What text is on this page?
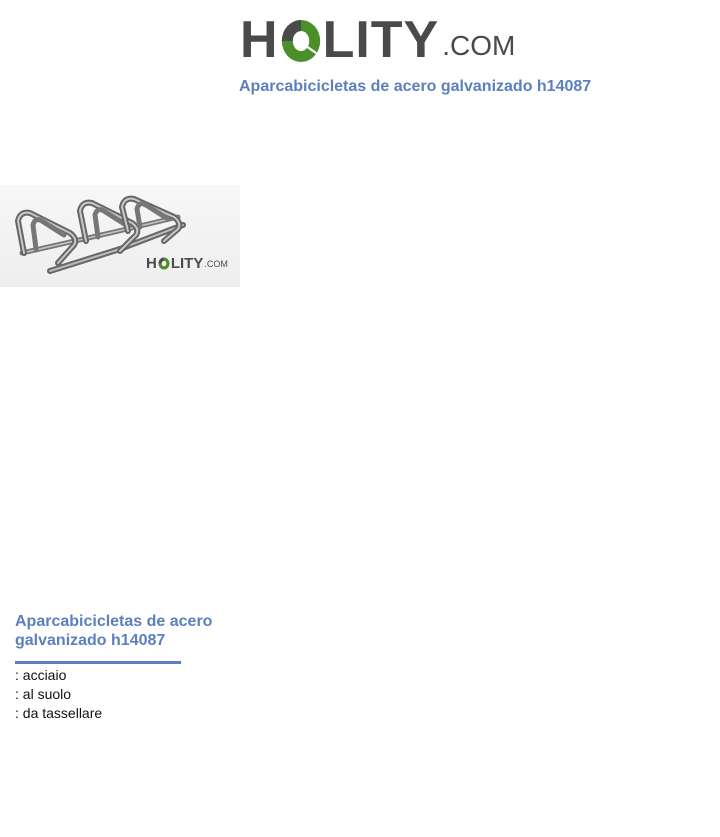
H LITY .COM
Aparcabicicletas de acero galvanizado h14087
H LITY .COM
Aparcabicicletas de acero galvanizado h14087
: acciaio
: al suolo
: da tassellare
